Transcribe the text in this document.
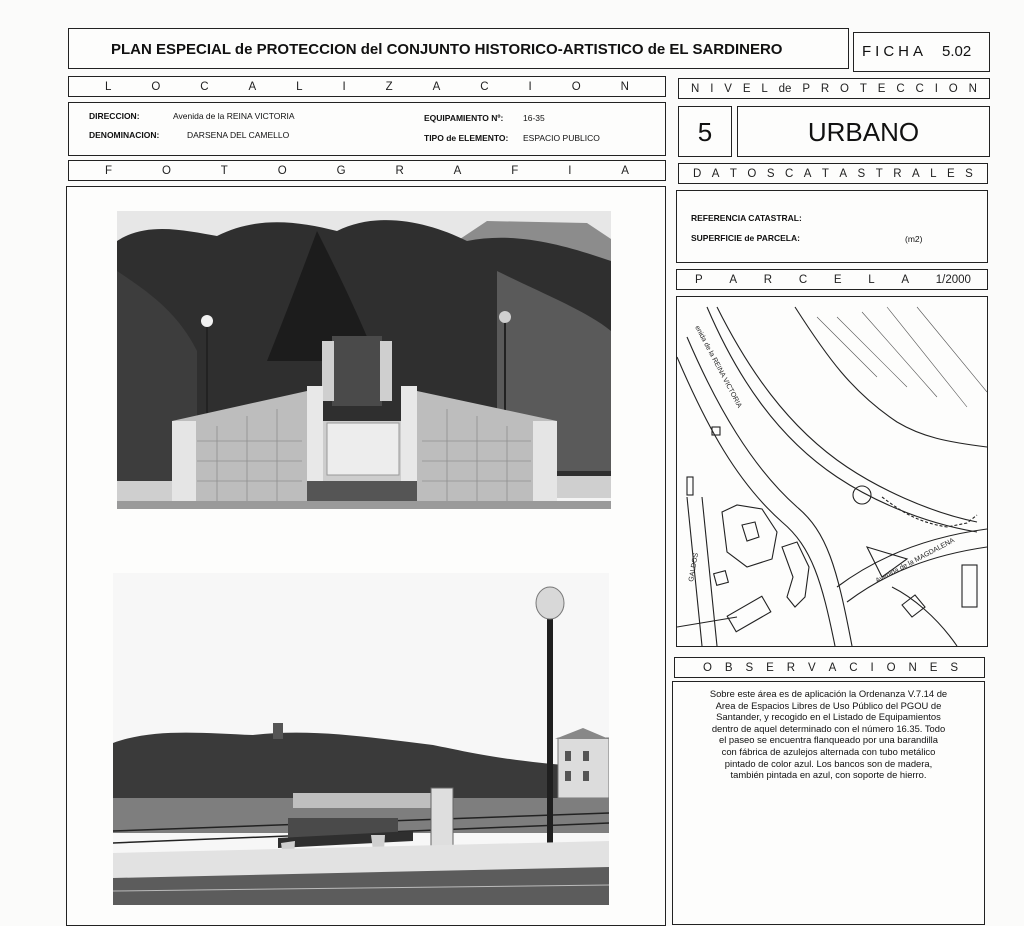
PLAN ESPECIAL de PROTECCION del CONJUNTO HISTORICO-ARTISTICO de EL SARDINERO	FICHA 5.02
L	O	C	A	L	I	Z	A	C	I	O	N	N I V E L de P R O T E C C I O N
DIRECCION:	Avenida de la REINA VICTORIA
DENOMINACION:	DARSENA DEL CAMELLO
EQUIPAMIENTO Nº: 16-35
TIPO de ELEMENTO: ESPACIO PUBLICO	5	URBANO
F	O	T	O	G	R	A	F	I	A	D A T O S C A T A S T R A L E S
REFERENCIA CATASTRAL:
SUPERFICIE de PARCELA:	(m2)
P A R C E L A 1/2000
enida de la REINA VICTORIA
Avenida de la MAGDALENA
GALDOS
O B S E R V A C I O N E S
Sobre este área es de aplicación la Ordenanza V.7.14 de
Area de Espacios Libres de Uso Público del PGOU de
Santander, y recogido en el Listado de Equipamientos
dentro de aquel determinado con el número 16.35. Todo
el paseo se encuentra flanqueado por una barandilla
con fábrica de azulejos alternada con tubo metálico
pintado de color azul. Los bancos son de madera,
también pintada en azul, con soporte de hierro.
